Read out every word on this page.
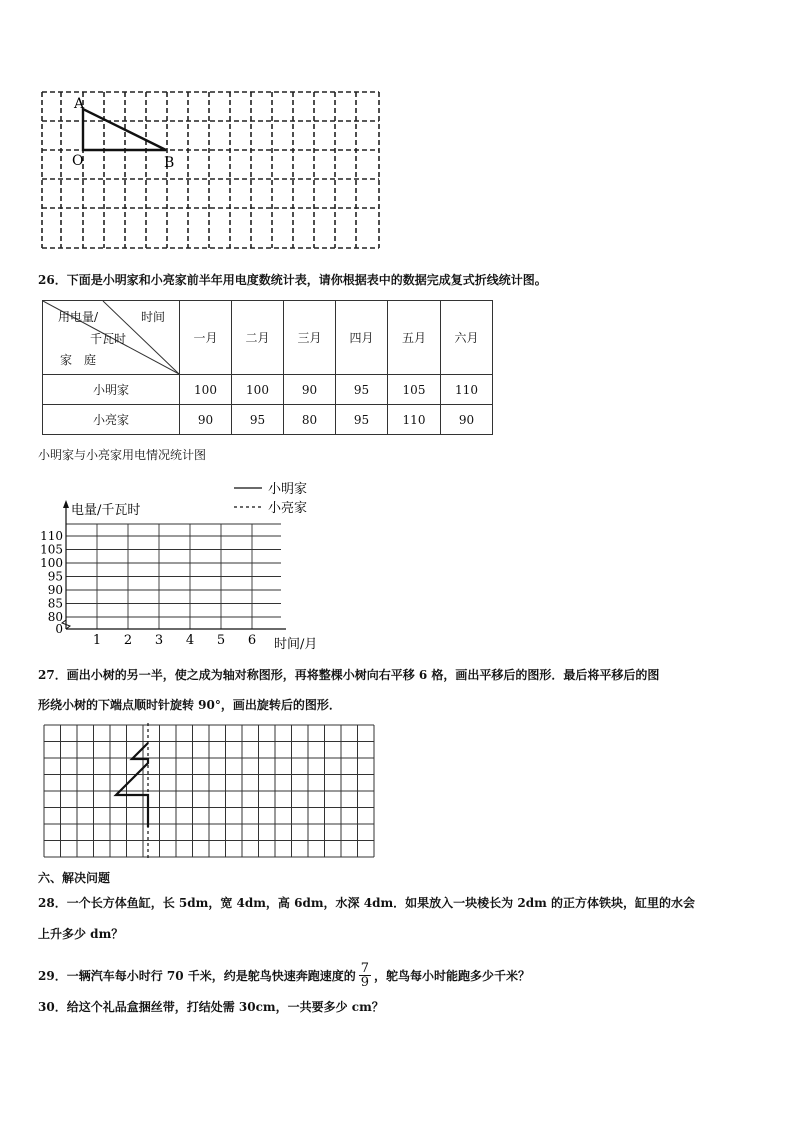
A
O	B
26．下面是小明家和小亮家前半年用电度数统计表，请你根据表中的数据完成复式折线统计图。
用电量/ 时间
千瓦时
家　庭	一月	二月	三月	四月	五月	六月
小明家	100	100	90	95	105	110
小亮家	90	95	80	95	110	90
小明家与小亮家用电情况统计图
0
80
85
90
95
100
105
110
1 2 3 4 5 6
小明家
小亮家
电量/千瓦时
时间/月
27．画出小树的另一半，使之成为轴对称图形，再将整棵小树向右平移 6 格，画出平移后的图形．最后将平移后的图
形绕小树的下端点顺时针旋转 90°，画出旋转后的图形．
六、解决问题
28．一个长方体鱼缸，长 5dm，宽 4dm，高 6dm，水深 4dm．如果放入一块棱长为 2dm 的正方体铁块，缸里的水会
上升多少 dm？
29．一辆汽车每小时行 70 千米，约是鸵鸟快速奔跑速度的 $\frac{7}{9}$ ，鸵鸟每小时能跑多少千米？
30．给这个礼品盒捆丝带，打结处需 30cm，一共要多少 cm？
